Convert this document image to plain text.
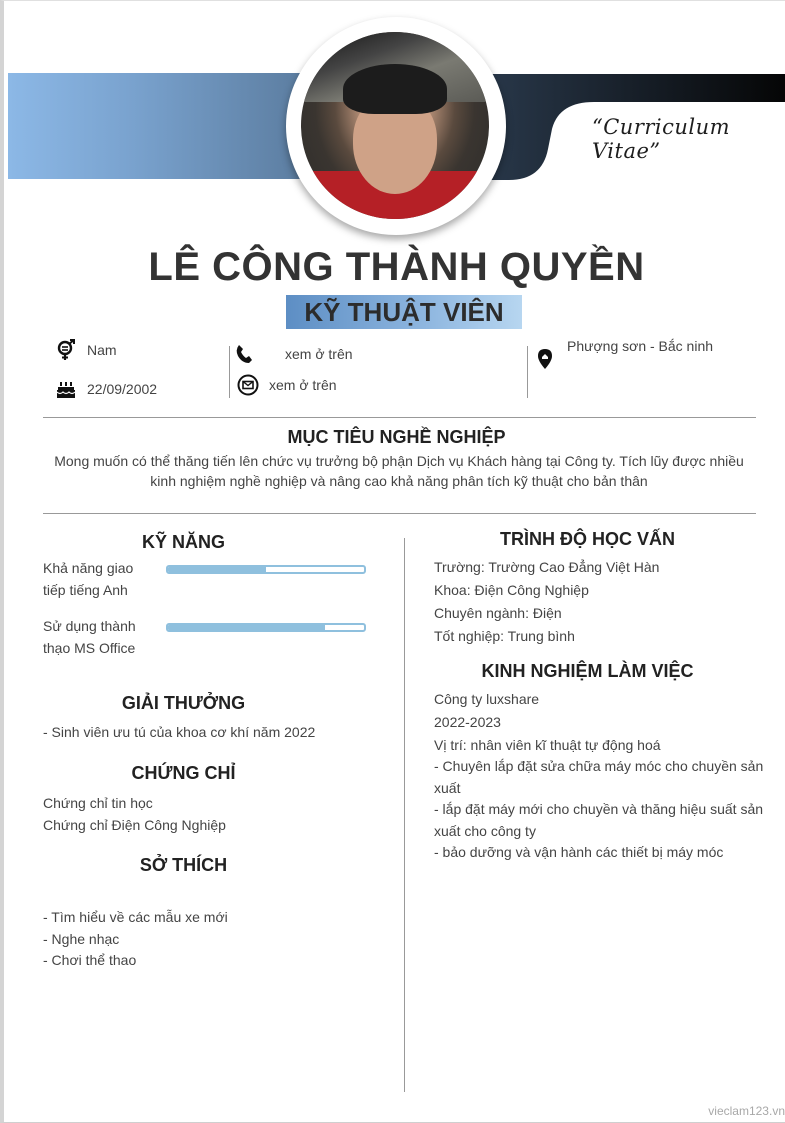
“Curriculum Vitae”
LÊ CÔNG THÀNH QUYỀN
KỸ THUẬT VIÊN
Nam
22/09/2002
xem ở trên
xem ở trên
Phượng sơn - Bắc ninh
MỤC TIÊU NGHỀ NGHIỆP
Mong muốn có thể thăng tiến lên chức vụ trưởng bộ phận Dịch vụ Khách hàng tại Công ty. Tích lũy được nhiều
kinh nghiệm nghề nghiệp và nâng cao khả năng phân tích kỹ thuật cho bản thân
KỸ NĂNG
Khả năng giao tiếp tiếng Anh
Sử dụng thành thạo MS Office
GIẢI THƯỞNG
- Sinh viên ưu tú của khoa cơ khí năm 2022
CHỨNG CHỈ
Chứng chỉ tin học
Chứng chỉ Điện Công Nghiệp
SỞ THÍCH
- Tìm hiểu về các mẫu xe mới
- Nghe nhạc
- Chơi thể thao
TRÌNH ĐỘ HỌC VẤN
Trường: Trường Cao Đẳng Việt Hàn
Khoa: Điện Công Nghiệp
Chuyên ngành: Điện
Tốt nghiệp: Trung bình
KINH NGHIỆM LÀM VIỆC
Công ty luxshare
2022-2023
Vị trí: nhân viên kĩ thuật tự động hoá
- Chuyên lắp đặt sửa chữa máy móc cho chuyền sản xuất
- lắp đặt máy mới cho chuyền và thăng hiệu suất sản xuất cho công ty
- bảo dưỡng và vận hành các thiết bị máy móc
vieclam123.vn
